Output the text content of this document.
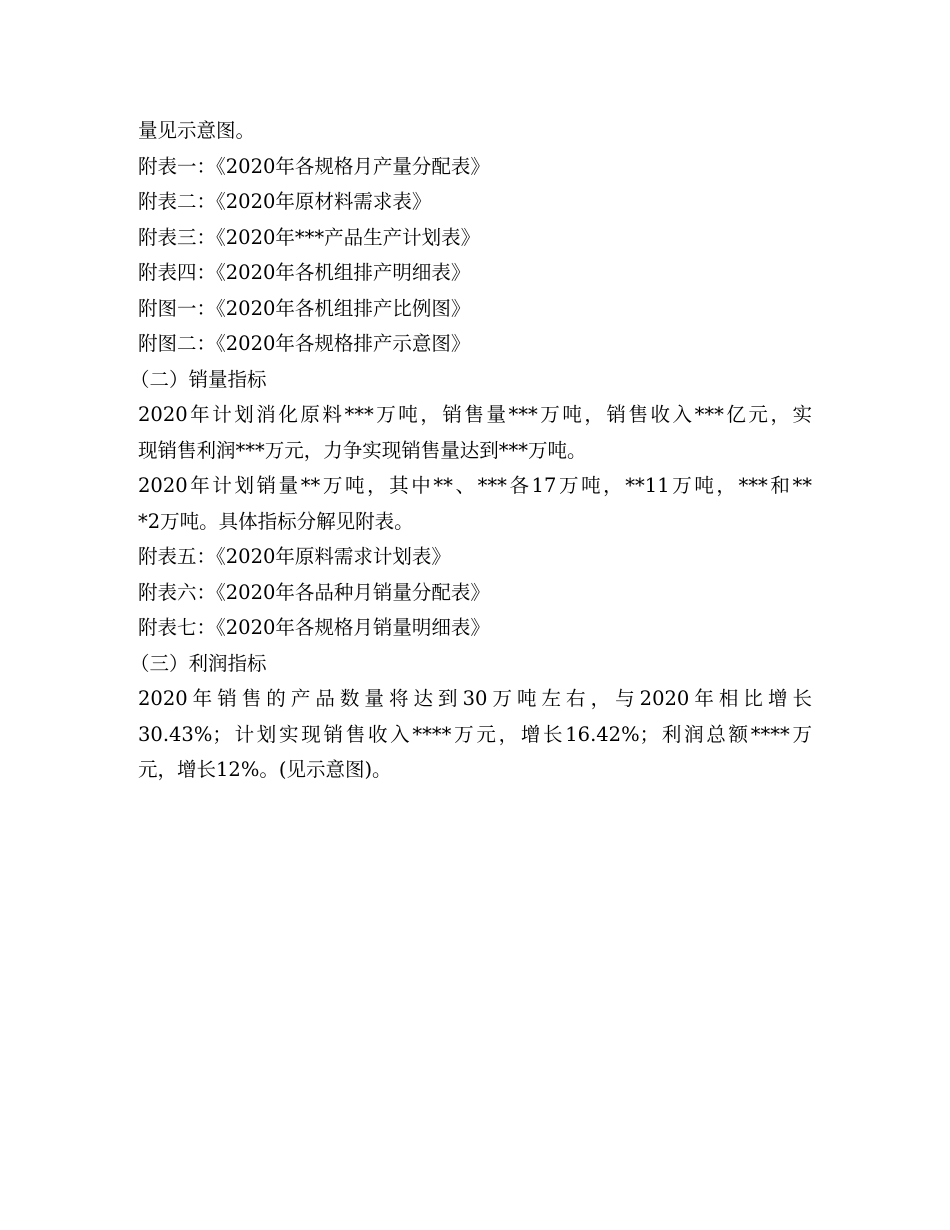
量见示意图。
附表一：《2020年各规格月产量分配表》
附表二：《2020年原材料需求表》
附表三：《2020年***产品生产计划表》
附表四：《2020年各机组排产明细表》
附图一：《2020年各机组排产比例图》
附图二：《2020年各规格排产示意图》
（二）销量指标
2020年计划消化原料***万吨，销售量***万吨，销售收入***亿元，实
现销售利润***万元，力争实现销售量达到***万吨。
2020年计划销量**万吨，其中**、***各17万吨，**11万吨，***和**
*2万吨。具体指标分解见附表。
附表五：《2020年原料需求计划表》
附表六：《2020年各品种月销量分配表》
附表七：《2020年各规格月销量明细表》
（三）利润指标
2020年销售的产品数量将达到30万吨左右，与2020年相比增长
30.43%；计划实现销售收入****万元，增长16.42%；利润总额****万
元，增长12%。(见示意图)。
